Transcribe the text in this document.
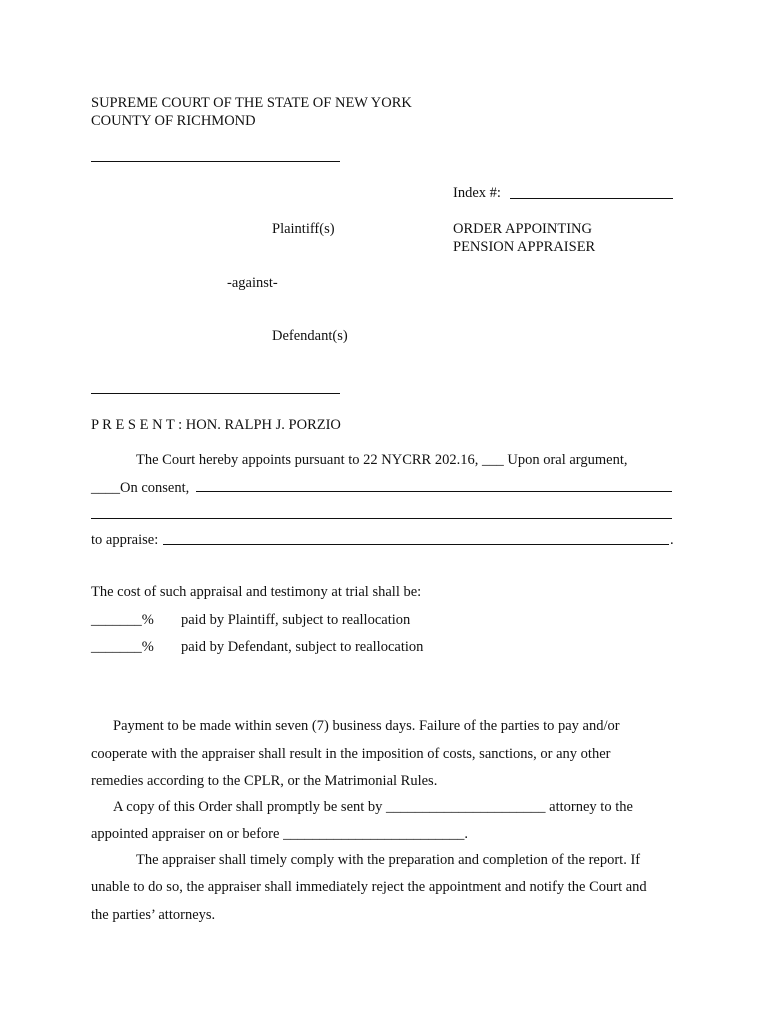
SUPREME COURT OF THE STATE OF NEW YORK
COUNTY OF RICHMOND
Index #:
Plaintiff(s)	ORDER APPOINTING
PENSION APPRAISER
-against-
Defendant(s)
P R E S E N T : HON. RALPH J. PORZIO
The Court hereby appoints pursuant to 22 NYCRR 202.16, ___ Upon oral argument,
____On consent,
to appraise:	.
The cost of such appraisal and testimony at trial shall be:
_______% paid by Plaintiff, subject to reallocation
_______% paid by Defendant, subject to reallocation
Payment to be made within seven (7) business days. Failure of the parties to pay and/or
cooperate with the appraiser shall result in the imposition of costs, sanctions, or any other
remedies according to the CPLR, or the Matrimonial Rules.
A copy of this Order shall promptly be sent by ______________________ attorney to the
appointed appraiser on or before _________________________.
The appraiser shall timely comply with the preparation and completion of the report. If
unable to do so, the appraiser shall immediately reject the appointment and notify the Court and
the parties’ attorneys.
